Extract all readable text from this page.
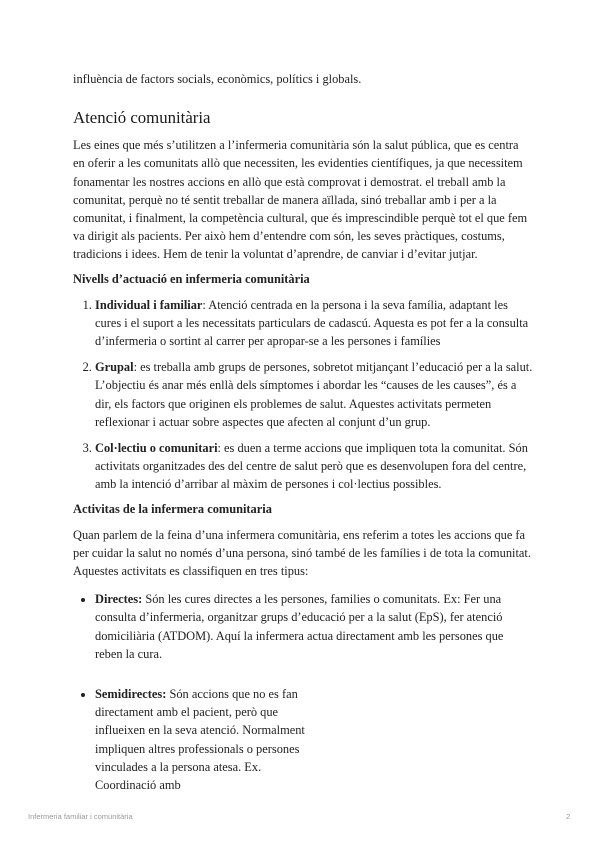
influència de factors socials, econòmics, polítics i globals.

Atenció comunitària

Les eines que més s’utilitzen a l’infermeria comunitària són la salut pública, que es centra en oferir a les comunitats allò que necessiten, les evidenties científiques, ja que necessitem fonamentar les nostres accions en allò que està comprovat i demostrat. el treball amb la comunitat, perquè no té sentit treballar de manera aïllada, sinó treballar amb i per a la comunitat, i finalment, la competència cultural, que és imprescindible perquè tot el que fem va dirigit als pacients. Per això hem d’entendre com són, les seves pràctiques, costums, tradicions i idees. Hem de tenir la voluntat d’aprendre, de canviar i d’evitar jutjar.

Nivells d’actuació en infermeria comunitària
1. Individual i familiar: Atenció centrada en la persona i la seva família, adaptant les cures i el suport a les necessitats particulars de cadascú. Aquesta es pot fer a la consulta d’infermeria o sortint al carrer per apropar-se a les persones i famílies
2. Grupal: es treballa amb grups de persones, sobretot mitjançant l’educació per a la salut. L’objectiu és anar més enllà dels símptomes i abordar les “causes de les causes”, és a dir, els factors que originen els problemes de salut. Aquestes activitats permeten reflexionar i actuar sobre aspectes que afecten al conjunt d’un grup.
3. Col·lectiu o comunitari: es duen a terme accions que impliquen tota la comunitat. Són activitats organitzades des del centre de salut però que es desenvolupen fora del centre, amb la intenció d’arribar al màxim de persones i col·lectius possibles.
Activitas de la infermera comunitaria

Quan parlem de la feina d’una infermera comunitària, ens referim a totes les accions que fa per cuidar la salut no només d’una persona, sinó també de les famílies i de tota la comunitat. Aquestes activitats es classifiquen en tres tipus:

• Directes: Són les cures directes a les persones, families o comunitats. Ex: Fer una consulta d’infermeria, organitzar grups d’educació per a la salut (EpS), fer atenció domiciliària (ATDOM). Aquí la infermera actua directament amb les persones que reben la cura.
• Semidirectes: Són accions que no es fan directament amb el pacient, però que influeixen en la seva atenció. Normalment impliquen altres professionals o persones vinculades a la persona atesa. Ex. Coordinació amb
Infermeria familiar i comunitària	2
